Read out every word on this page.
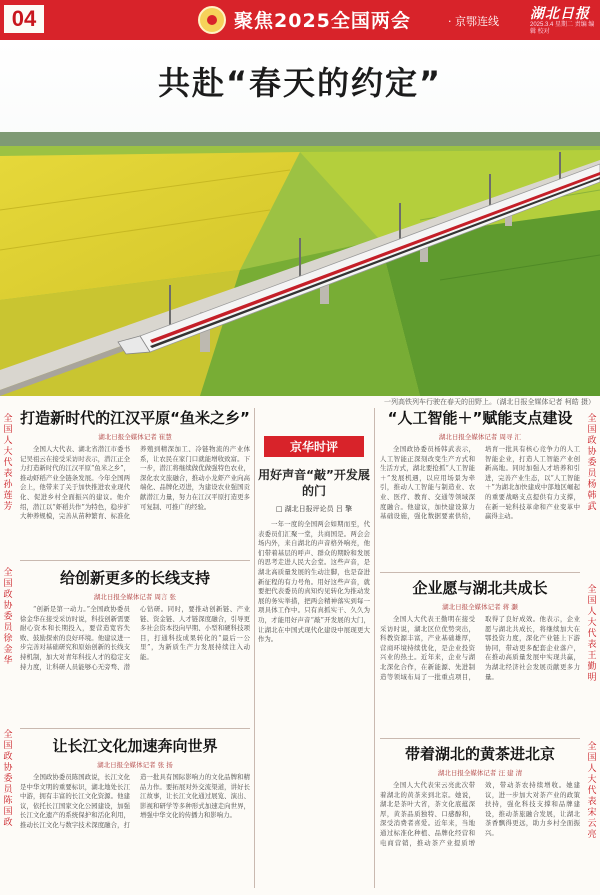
04	聚焦2025全国两会	· 京鄂连线 湖北日报
2025.3.4 星期二 责编 编辑 校对
共赴“春天的约定”
一列高铁列车行驶在春天的田野上。（湖北日报全媒体记者 柯皓 摄）
全国人大代表孙莲芳
全国政协委员徐金华
全国政协委员陈国政
全国政协委员杨韩武
全国人大代表王勤明
全国人大代表宋云亮
打造新时代的江汉平原“鱼米之乡”
湖北日报全媒体记者 崔慧
全国人大代表、湖北省潜江市委书记吴祖云在接受采访时表示，潜江正全力打造新时代的江汉平原“鱼米之乡”，推动虾稻产业全链条发展。今年全国两会上，他带来了关于加快推进农业现代化、促进乡村全面振兴的建议。他介绍，潜江以“虾稻共作”为特色，稳步扩大种养规模，完善从苗种繁育、标准化养殖到精深加工、冷链物流的产业体系，让农民在家门口就能增收致富。下一步，潜江将继续做优做强特色农业，深化农文旅融合，推动小龙虾产业向高端化、品牌化迈进，为建设农业强国贡献潜江力量，努力在江汉平原打造更多可复制、可推广的经验。
给创新更多的长线支持
湖北日报全媒体记者 周言 张
“创新是第一动力。”全国政协委员徐金华在接受采访时说，科技创新需要耐心资本和长期投入，要营造宽容失败、鼓励探索的良好环境。他建议进一步完善对基础研究和原始创新的长线支持机制，加大对青年科技人才的稳定支持力度，让科研人员能够心无旁骛、潜心钻研。同时，要推动创新链、产业链、资金链、人才链深度融合，引导更多社会资本投向早期、小型和硬科技项目，打通科技成果转化的“最后一公里”，为新质生产力发展持续注入动能。
让长江文化加速奔向世界
湖北日报全媒体记者 张 扬
全国政协委员陈国政说，长江文化是中华文明的重要标识，湖北地处长江中游，拥有丰富的长江文化资源。他建议，依托长江国家文化公园建设，加强长江文化遗产的系统保护和活化利用，推动长江文化与数字技术深度融合，打造一批具有国际影响力的文化品牌和精品力作。要拓展对外交流渠道，讲好长江故事，让长江文化通过展览、演出、影视和研学等多种形式加速走向世界，增强中华文化的传播力和影响力。
京华时评
用好声音“敲”开发展的门
□ 湖北日报评论员 吕 擎
一年一度的全国两会如期而至，代表委员们汇聚一堂，共商国是。两会会场内外，来自湖北的声音格外响亮，他们带着基层的呼声、群众的期盼和发展的思考走进人民大会堂。这些声音，是湖北高质量发展的生动注脚，也是奋进新征程的有力号角。用好这些声音，就要把代表委员的真知灼见转化为推动发展的务实举措，把两会精神落实到每一项具体工作中。只有真抓实干、久久为功，才能用好声音“敲”开发展的大门，让湖北在中国式现代化建设中展现更大作为。
“人工智能＋”赋能支点建设
湖北日报全媒体记者 周寻 汇
全国政协委员杨韩武表示，人工智能正深刻改变生产方式和生活方式，湖北要抢抓“人工智能＋”发展机遇，以应用场景为牵引，推动人工智能与制造业、农业、医疗、教育、交通等领域深度融合。他建议，加快建设算力基础设施，强化数据要素供给，培育一批具有核心竞争力的人工智能企业，打造人工智能产业创新高地。同时加强人才培养和引进，完善产业生态，以“人工智能＋”为湖北加快建成中部地区崛起的重要战略支点提供有力支撑，在新一轮科技革命和产业变革中赢得主动。
企业愿与湖北共成长
湖北日报全媒体记者 蒋 灏
全国人大代表王勤明在接受采访时说，湖北区位优势突出，科教资源丰富，产业基础雄厚，营商环境持续优化，是企业投资兴业的热土。近年来，企业与湖北深化合作，在新能源、先进制造等领域布局了一批重点项目，取得了良好成效。他表示，企业愿与湖北共成长，将继续加大在鄂投资力度，深化产业链上下游协同，带动更多配套企业落户，在推动高质量发展中实现共赢，为湖北经济社会发展贡献更多力量。
带着湖北的黄茶进北京
湖北日报全媒体记者 汪 建 清
全国人大代表宋云亮此次带着湖北的黄茶来到北京。她说，湖北是茶叶大省，茶文化底蕴深厚，黄茶品质独特、口感醇和，深受消费者喜爱。近年来，当地通过标准化种植、品牌化经营和电商营销，推动茶产业提质增效，带动茶农持续增收。她建议，进一步加大对茶产业的政策扶持，强化科技支撑和品牌建设，推动茶旅融合发展，让湖北茶香飘得更远，助力乡村全面振兴。
